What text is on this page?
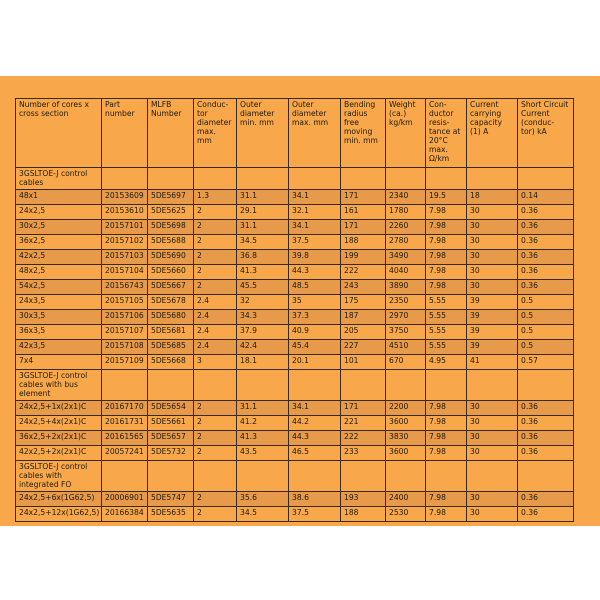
Number of cores x cross section	Part number	MLFB Number	Conduc- tor diameter max. mm	Outer diameter min. mm	Outer diameter max. mm	Bending radius free moving min. mm	Weight (ca.) kg/km	Con- ductor resis- tance at 20°C max. Ω/km	Current carrying capacity (1) A	Short Circuit Current (conduc- tor) kA
3GSLTOE-J control cables										
48x1	20153609	5DE5697	1.3	31.1	34.1	171	2340	19.5	18	0.14
24x2,5	20153610	5DE5625	2	29.1	32.1	161	1780	7.98	30	0.36
30x2,5	20157101	5DE5698	2	31.1	34.1	171	2260	7.98	30	0.36
36x2,5	20157102	5DE5688	2	34.5	37.5	188	2780	7.98	30	0.36
42x2,5	20157103	5DE5690	2	36.8	39.8	199	3490	7.98	30	0.36
48x2,5	20157104	5DE5660	2	41.3	44.3	222	4040	7.98	30	0.36
54x2,5	20156743	5DE5667	2	45.5	48.5	243	3890	7.98	30	0.36
24x3,5	20157105	5DE5678	2.4	32	35	175	2350	5.55	39	0.5
30x3,5	20157106	5DE5680	2.4	34.3	37.3	187	2970	5.55	39	0.5
36x3,5	20157107	5DE5681	2.4	37.9	40.9	205	3750	5.55	39	0.5
42x3,5	20157108	5DE5685	2.4	42.4	45.4	227	4510	5.55	39	0.5
7x4	20157109	5DE5668	3	18.1	20.1	101	670	4.95	41	0.57
3GSLTOE-J control cables with bus element										
24x2,5+1x(2x1)C	20167170	5DE5654	2	31.1	34.1	171	2200	7.98	30	0.36
24x2,5+4x(2x1)C	20161731	5DE5661	2	41.2	44.2	221	3600	7.98	30	0.36
36x2,5+2x(2x1)C	20161565	5DE5657	2	41.3	44.3	222	3830	7.98	30	0.36
42x2,5+2x(2x1)C	20057241	5DE5732	2	43.5	46.5	233	3600	7.98	30	0.36
3GSLTOE-J control cables with integrated FO										
24x2,5+6x(1G62,5)	20006901	5DE5747	2	35.6	38.6	193	2400	7.98	30	0.36
24x2,5+12x(1G62,5)	20166384	5DE5635	2	34.5	37.5	188	2530	7.98	30	0.36
